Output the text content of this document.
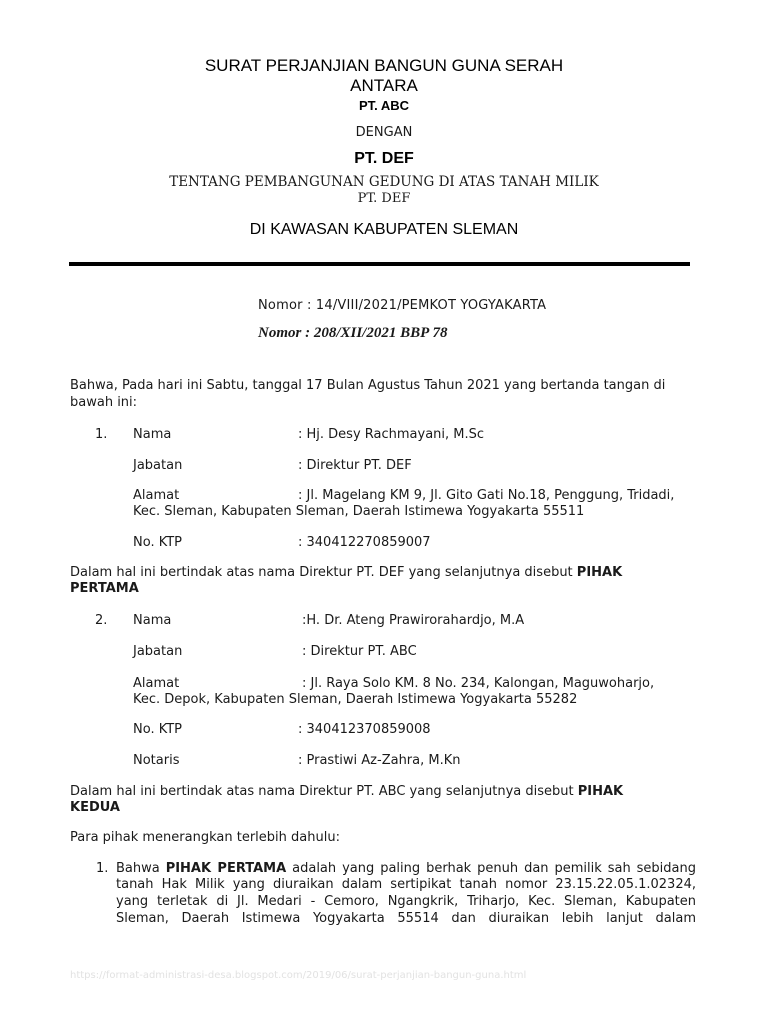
SURAT PERJANJIAN BANGUN GUNA SERAH
ANTARA
PT. ABC
DENGAN
PT. DEF
TENTANG PEMBANGUNAN GEDUNG DI ATAS TANAH MILIK
PT. DEF
DI KAWASAN KABUPATEN SLEMAN
Nomor : 14/VIII/2021/PEMKOT YOGYAKARTA
Nomor : 208/XII/2021 BBP 78
Bahwa, Pada hari ini Sabtu, tanggal 17 Bulan Agustus Tahun 2021 yang bertanda tangan di bawah ini:
1. Nama	: Hj. Desy Rachmayani, M.Sc
Jabatan	: Direktur PT. DEF
Alamat	: Jl. Magelang KM 9, Jl. Gito Gati No.18, Penggung, Tridadi,
Kec. Sleman, Kabupaten Sleman, Daerah Istimewa Yogyakarta 55511
No. KTP	: 340412270859007
Dalam hal ini bertindak atas nama Direktur PT. DEF yang selanjutnya disebut PIHAK
PERTAMA
2. Nama	:H. Dr. Ateng Prawirorahardjo, M.A
Jabatan	: Direktur PT. ABC
Alamat	: Jl. Raya Solo KM. 8 No. 234, Kalongan, Maguwoharjo,
Kec. Depok, Kabupaten Sleman, Daerah Istimewa Yogyakarta 55282
No. KTP	: 340412370859008
Notaris	: Prastiwi Az-Zahra, M.Kn
Dalam hal ini bertindak atas nama Direktur PT. ABC yang selanjutnya disebut PIHAK
KEDUA
Para pihak menerangkan terlebih dahulu:
1. Bahwa PIHAK PERTAMA adalah yang paling berhak penuh dan pemilik sah sebidang
tanah Hak Milik yang diuraikan dalam sertipikat tanah nomor 23.15.22.05.1.02324,
yang terletak di Jl. Medari - Cemoro, Ngangkrik, Triharjo, Kec. Sleman, Kabupaten
Sleman, Daerah Istimewa Yogyakarta 55514 dan diuraikan lebih lanjut dalam
https://format-administrasi-desa.blogspot.com/2019/06/surat-perjanjian-bangun-guna.html
